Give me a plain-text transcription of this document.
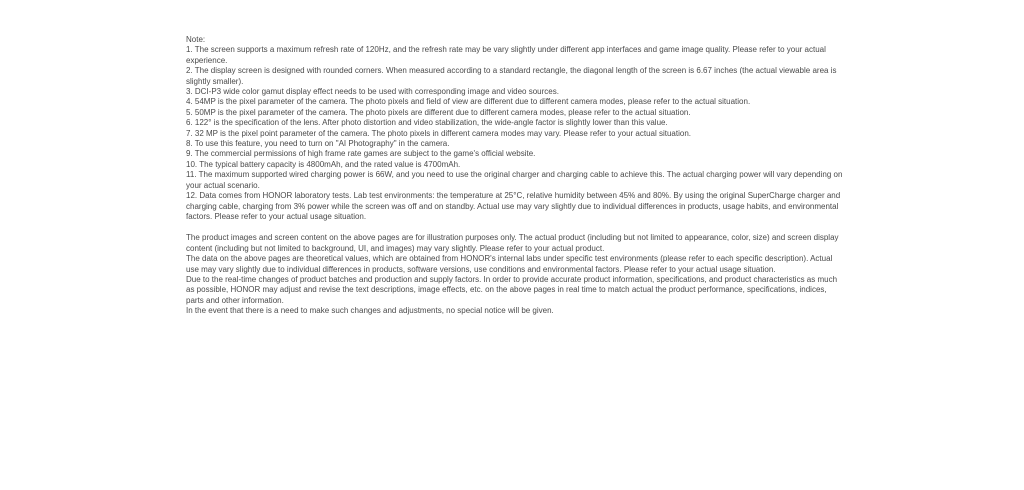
Note:

1. The screen supports a maximum refresh rate of 120Hz, and the refresh rate may be vary slightly under different app interfaces and game image quality. Please refer to your actual experience.
2. The display screen is designed with rounded corners. When measured according to a standard rectangle, the diagonal length of the screen is 6.67 inches (the actual viewable area is slightly smaller).
3. DCI-P3 wide color gamut display effect needs to be used with corresponding image and video sources.
4. 54MP is the pixel parameter of the camera. The photo pixels and field of view are different due to different camera modes, please refer to the actual situation.
5. 50MP is the pixel parameter of the camera. The photo pixels are different due to different camera modes, please refer to the actual situation.
6. 122° is the specification of the lens. After photo distortion and video stabilization, the wide-angle factor is slightly lower than this value.
7. 32 MP is the pixel point parameter of the camera. The photo pixels in different camera modes may vary. Please refer to your actual situation.
8. To use this feature, you need to turn on "AI Photography" in the camera.
9. The commercial permissions of high frame rate games are subject to the game's official website.
10. The typical battery capacity is 4800mAh, and the rated value is 4700mAh.
11. The maximum supported wired charging power is 66W, and you need to use the original charger and charging cable to achieve this. The actual charging power will vary depending on your actual scenario.
12. Data comes from HONOR laboratory tests. Lab test environments: the temperature at 25°C, relative humidity between 45% and 80%. By using the original SuperCharge charger and charging cable, charging from 3% power while the screen was off and on standby. Actual use may vary slightly due to individual differences in products, usage habits, and environmental factors. Please refer to your actual usage situation.

The product images and screen content on the above pages are for illustration purposes only. The actual product (including but not limited to appearance, color, size) and screen display content (including but not limited to background, UI, and images) may vary slightly. Please refer to your actual product.

The data on the above pages are theoretical values, which are obtained from HONOR's internal labs under specific test environments (please refer to each specific description). Actual use may vary slightly due to individual differences in products, software versions, use conditions and environmental factors. Please refer to your actual usage situation.

Due to the real-time changes of product batches and production and supply factors. In order to provide accurate product information, specifications, and product characteristics as much as possible, HONOR may adjust and revise the text descriptions, image effects, etc. on the above pages in real time to match actual the product performance, specifications, indices, parts and other information.

In the event that there is a need to make such changes and adjustments, no special notice will be given.
